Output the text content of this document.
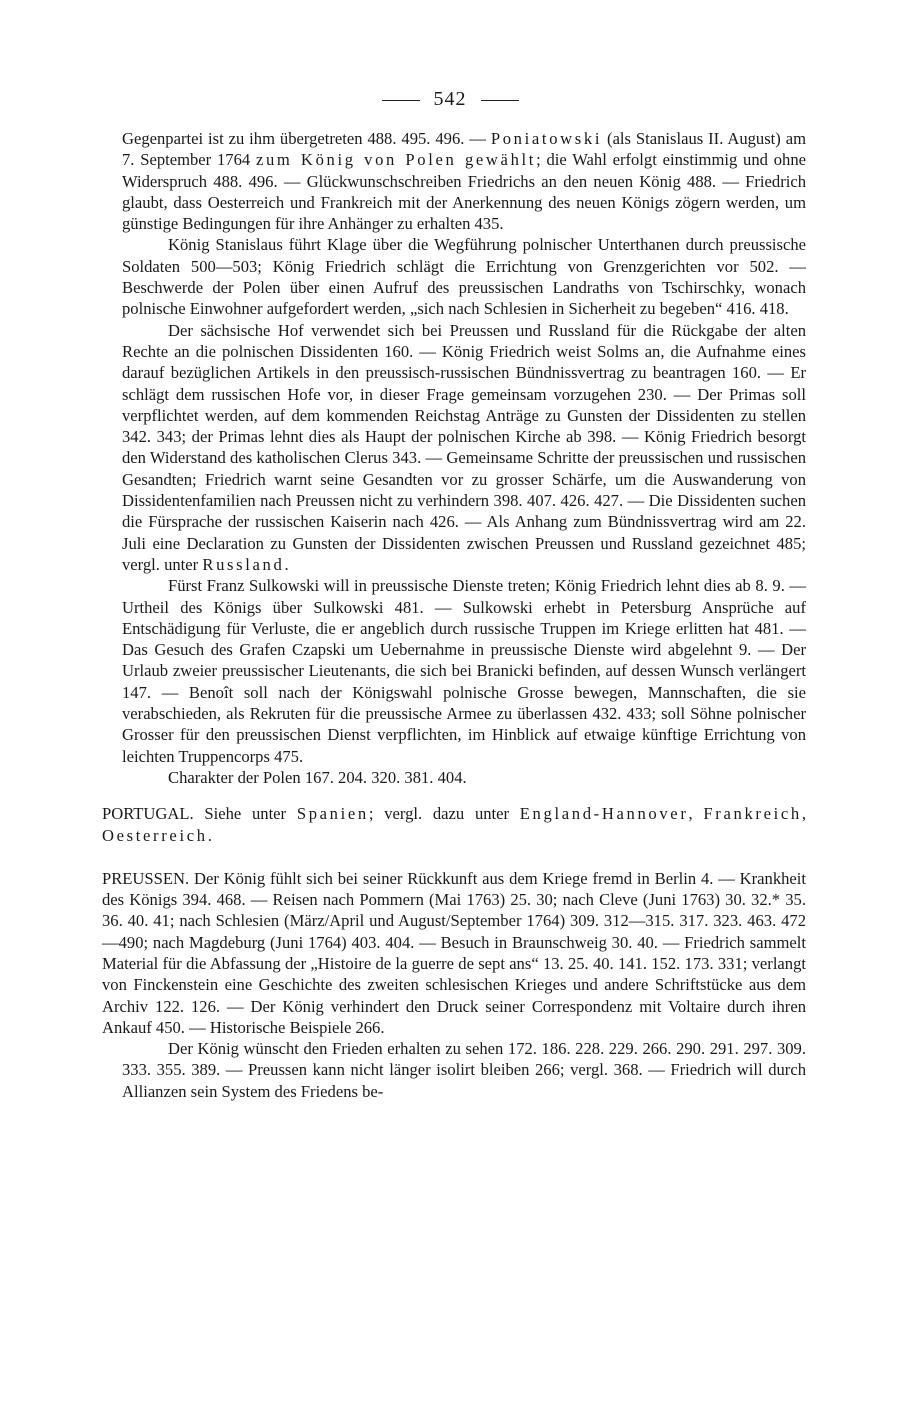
542

Gegenpartei ist zu ihm übergetreten 488. 495. 496. — Poniatowski (als Stanislaus II. August) am 7. September 1764 zum König von Polen gewählt; die Wahl erfolgt einstimmig und ohne Widerspruch 488. 496. — Glückwunschschreiben Friedrichs an den neuen König 488. — Friedrich glaubt, dass Oesterreich und Frankreich mit der Anerkennung des neuen Königs zögern werden, um günstige Bedingungen für ihre Anhänger zu erhalten 435.

König Stanislaus führt Klage über die Wegführung polnischer Unterthanen durch preussische Soldaten 500—503; König Friedrich schlägt die Errichtung von Grenzgerichten vor 502. — Beschwerde der Polen über einen Aufruf des preussischen Landraths von Tschirschky, wonach polnische Einwohner aufgefordert werden, „sich nach Schlesien in Sicherheit zu begeben“ 416. 418.

Der sächsische Hof verwendet sich bei Preussen und Russland für die Rückgabe der alten Rechte an die polnischen Dissidenten 160. — König Friedrich weist Solms an, die Aufnahme eines darauf bezüglichen Artikels in den preussisch-russischen Bündnissvertrag zu beantragen 160. — Er schlägt dem russischen Hofe vor, in dieser Frage gemeinsam vorzugehen 230. — Der Primas soll verpflichtet werden, auf dem kommenden Reichstag Anträge zu Gunsten der Dissidenten zu stellen 342. 343; der Primas lehnt dies als Haupt der polnischen Kirche ab 398. — König Friedrich besorgt den Widerstand des katholischen Clerus 343. — Gemeinsame Schritte der preussischen und russischen Gesandten; Friedrich warnt seine Gesandten vor zu grosser Schärfe, um die Auswanderung von Dissidentenfamilien nach Preussen nicht zu verhindern 398. 407. 426. 427. — Die Dissidenten suchen die Fürsprache der russischen Kaiserin nach 426. — Als Anhang zum Bündnissvertrag wird am 22. Juli eine Declaration zu Gunsten der Dissidenten zwischen Preussen und Russland gezeichnet 485; vergl. unter Russland.

Fürst Franz Sulkowski will in preussische Dienste treten; König Friedrich lehnt dies ab 8. 9. — Urtheil des Königs über Sulkowski 481. — Sulkowski erhebt in Petersburg Ansprüche auf Entschädigung für Verluste, die er angeblich durch russische Truppen im Kriege erlitten hat 481. — Das Gesuch des Grafen Czapski um Uebernahme in preussische Dienste wird abgelehnt 9. — Der Urlaub zweier preussischer Lieutenants, die sich bei Branicki befinden, auf dessen Wunsch verlängert 147. — Benoît soll nach der Königswahl polnische Grosse bewegen, Mannschaften, die sie verabschieden, als Rekruten für die preussische Armee zu überlassen 432. 433; soll Söhne polnischer Grosser für den preussischen Dienst verpflichten, im Hinblick auf etwaige künftige Errichtung von leichten Truppencorps 475.

Charakter der Polen 167. 204. 320. 381. 404.

PORTUGAL. Siehe unter Spanien; vergl. dazu unter England-Hannover, Frankreich, Oesterreich.

PREUSSEN. Der König fühlt sich bei seiner Rückkunft aus dem Kriege fremd in Berlin 4. — Krankheit des Königs 394. 468. — Reisen nach Pommern (Mai 1763) 25. 30; nach Cleve (Juni 1763) 30. 32.* 35. 36. 40. 41; nach Schlesien (März/April und August/September 1764) 309. 312—315. 317. 323. 463. 472—490; nach Magdeburg (Juni 1764) 403. 404. — Besuch in Braunschweig 30. 40. — Friedrich sammelt Material für die Abfassung der „Histoire de la guerre de sept ans“ 13. 25. 40. 141. 152. 173. 331; verlangt von Finckenstein eine Geschichte des zweiten schlesischen Krieges und andere Schriftstücke aus dem Archiv 122. 126. — Der König verhindert den Druck seiner Correspondenz mit Voltaire durch ihren Ankauf 450. — Historische Beispiele 266.

Der König wünscht den Frieden erhalten zu sehen 172. 186. 228. 229. 266. 290. 291. 297. 309. 333. 355. 389. — Preussen kann nicht länger isolirt bleiben 266; vergl. 368. — Friedrich will durch Allianzen sein System des Friedens be-
